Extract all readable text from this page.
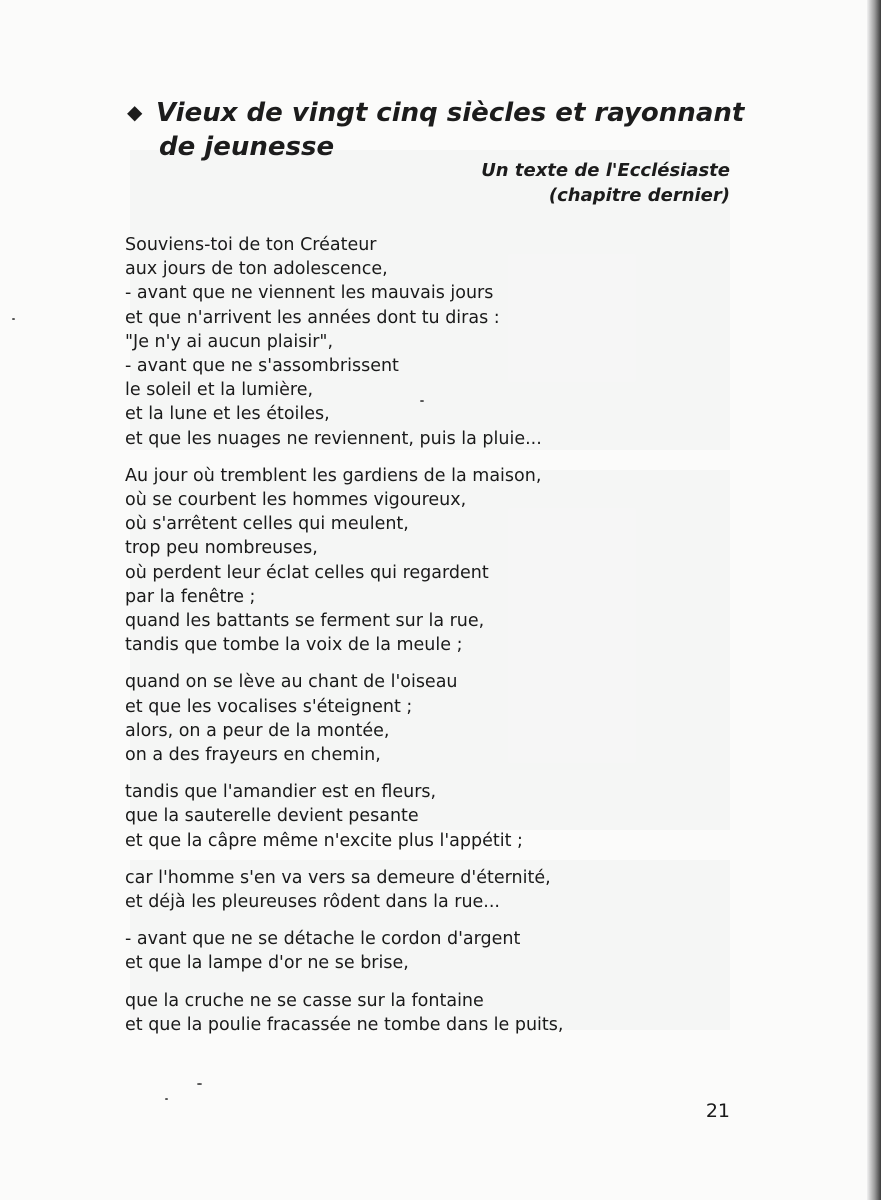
◆ Vieux de vingt cinq siècles et rayonnant
de jeunesse
Un texte de l'Ecclésiaste
(chapitre dernier)

Souviens-toi de ton Créateur
aux jours de ton adolescence,
- avant que ne viennent les mauvais jours
et que n'arrivent les années dont tu diras :
"Je n'y ai aucun plaisir",
- avant que ne s'assombrissent
le soleil et la lumière,
et la lune et les étoiles,
et que les nuages ne reviennent, puis la pluie...

Au jour où tremblent les gardiens de la maison,
où se courbent les hommes vigoureux,
où s'arrêtent celles qui meulent,
trop peu nombreuses,
où perdent leur éclat celles qui regardent
par la fenêtre ;
quand les battants se ferment sur la rue,
tandis que tombe la voix de la meule ;

quand on se lève au chant de l'oiseau
et que les vocalises s'éteignent ;
alors, on a peur de la montée,
on a des frayeurs en chemin,

tandis que l'amandier est en fleurs,
que la sauterelle devient pesante
et que la câpre même n'excite plus l'appétit ;

car l'homme s'en va vers sa demeure d'éternité,
et déjà les pleureuses rôdent dans la rue...

- avant que ne se détache le cordon d'argent
et que la lampe d'or ne se brise,

que la cruche ne se casse sur la fontaine
et que la poulie fracassée ne tombe dans le puits,

21
